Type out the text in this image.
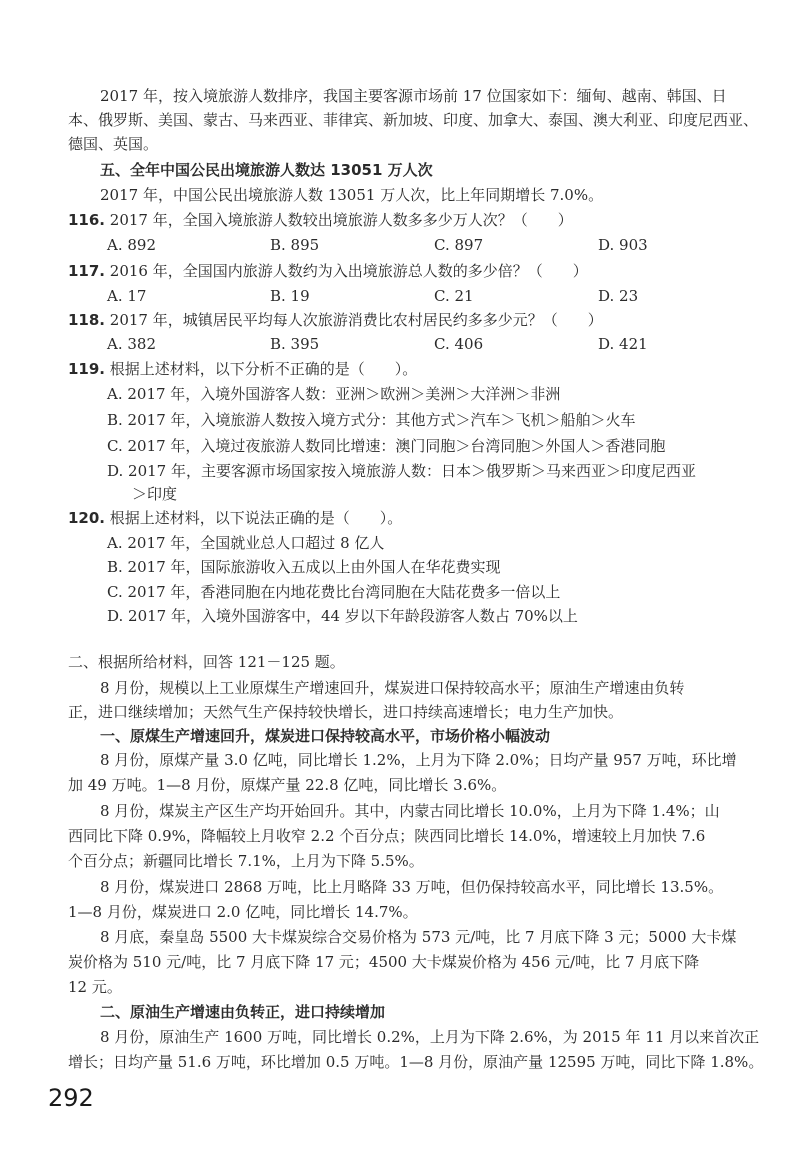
2017 年，按入境旅游人数排序，我国主要客源市场前 17 位国家如下：缅甸、越南、韩国、日
本、俄罗斯、美国、蒙古、马来西亚、菲律宾、新加坡、印度、加拿大、泰国、澳大利亚、印度尼西亚、
德国、英国。
五、全年中国公民出境旅游人数达 13051 万人次
2017 年，中国公民出境旅游人数 13051 万人次，比上年同期增长 7.0%。
116. 2017 年，全国入境旅游人数较出境旅游人数多多少万人次？（　　）
A. 892	B. 895	C. 897	D. 903
117. 2016 年，全国国内旅游人数约为入出境旅游总人数的多少倍？（　　）
A. 17	B. 19	C. 21	D. 23
118. 2017 年，城镇居民平均每人次旅游消费比农村居民约多多少元？（　　）
A. 382	B. 395	C. 406	D. 421
119. 根据上述材料，以下分析不正确的是（　　）。
A. 2017 年，入境外国游客人数：亚洲＞欧洲＞美洲＞大洋洲＞非洲
B. 2017 年，入境旅游人数按入境方式分：其他方式＞汽车＞飞机＞船舶＞火车
C. 2017 年，入境过夜旅游人数同比增速：澳门同胞＞台湾同胞＞外国人＞香港同胞
D. 2017 年，主要客源市场国家按入境旅游人数：日本＞俄罗斯＞马来西亚＞印度尼西亚
＞印度
120. 根据上述材料，以下说法正确的是（　　）。
A. 2017 年，全国就业总人口超过 8 亿人
B. 2017 年，国际旅游收入五成以上由外国人在华花费实现
C. 2017 年，香港同胞在内地花费比台湾同胞在大陆花费多一倍以上
D. 2017 年，入境外国游客中，44 岁以下年龄段游客人数占 70%以上
二、根据所给材料，回答 121－125 题。
8 月份，规模以上工业原煤生产增速回升，煤炭进口保持较高水平；原油生产增速由负转
正，进口继续增加；天然气生产保持较快增长，进口持续高速增长；电力生产加快。
一、原煤生产增速回升，煤炭进口保持较高水平，市场价格小幅波动
8 月份，原煤产量 3.0 亿吨，同比增长 1.2%，上月为下降 2.0%；日均产量 957 万吨，环比增
加 49 万吨。1—8 月份，原煤产量 22.8 亿吨，同比增长 3.6%。
8 月份，煤炭主产区生产均开始回升。其中，内蒙古同比增长 10.0%，上月为下降 1.4%；山
西同比下降 0.9%，降幅较上月收窄 2.2 个百分点；陕西同比增长 14.0%，增速较上月加快 7.6
个百分点；新疆同比增长 7.1%，上月为下降 5.5%。
8 月份，煤炭进口 2868 万吨，比上月略降 33 万吨，但仍保持较高水平，同比增长 13.5%。
1—8 月份，煤炭进口 2.0 亿吨，同比增长 14.7%。
8 月底，秦皇岛 5500 大卡煤炭综合交易价格为 573 元/吨，比 7 月底下降 3 元；5000 大卡煤
炭价格为 510 元/吨，比 7 月底下降 17 元；4500 大卡煤炭价格为 456 元/吨，比 7 月底下降
12 元。
二、原油生产增速由负转正，进口持续增加
8 月份，原油生产 1600 万吨，同比增长 0.2%，上月为下降 2.6%，为 2015 年 11 月以来首次正
增长；日均产量 51.6 万吨，环比增加 0.5 万吨。1—8 月份，原油产量 12595 万吨，同比下降 1.8%。
292
